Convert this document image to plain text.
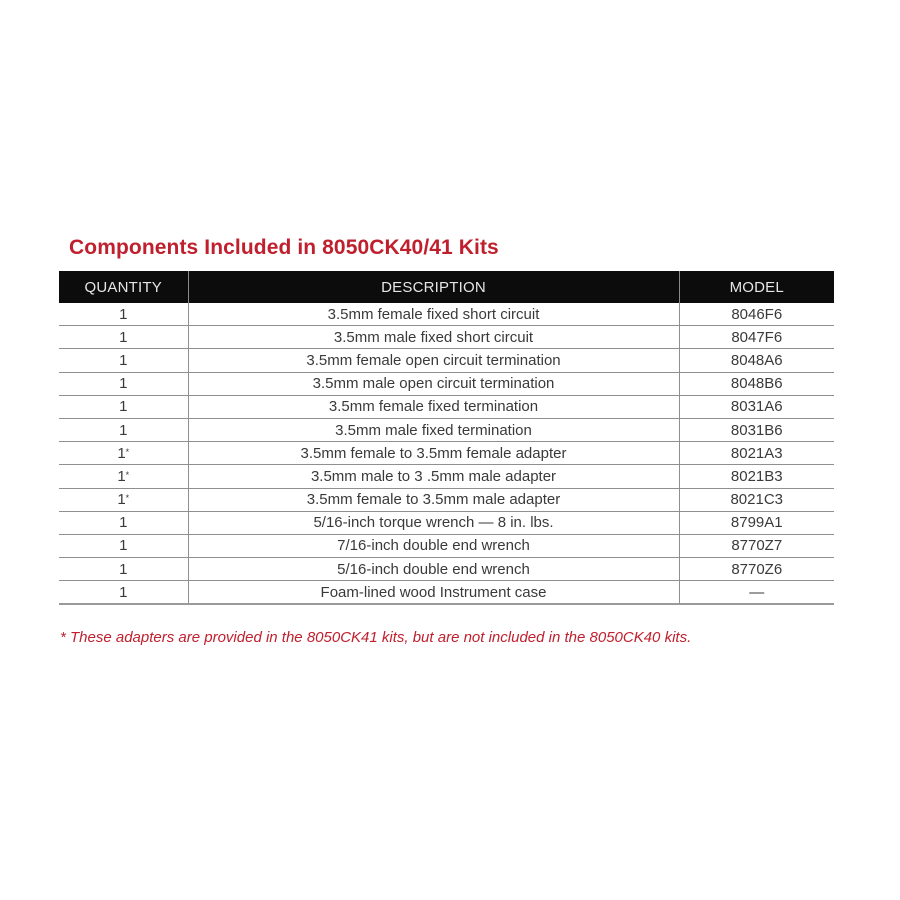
Components Included in 8050CK40/41 Kits
QUANTITY	DESCRIPTION	MODEL
1	3.5mm female fixed short circuit	8046F6
1	3.5mm male fixed short circuit	8047F6
1	3.5mm female open circuit termination	8048A6
1	3.5mm male open circuit termination	8048B6
1	3.5mm female fixed termination	8031A6
1	3.5mm male fixed termination	8031B6
1*	3.5mm female to 3.5mm female adapter	8021A3
1*	3.5mm male to 3 .5mm male adapter	8021B3
1*	3.5mm female to 3.5mm male adapter	8021C3
1	5/16-inch torque wrench — 8 in. lbs.	8799A1
1	7/16-inch double end wrench	8770Z7
1	5/16-inch double end wrench	8770Z6
1	Foam-lined wood Instrument case	—
* These adapters are provided in the 8050CK41 kits, but are not included in the 8050CK40 kits.
